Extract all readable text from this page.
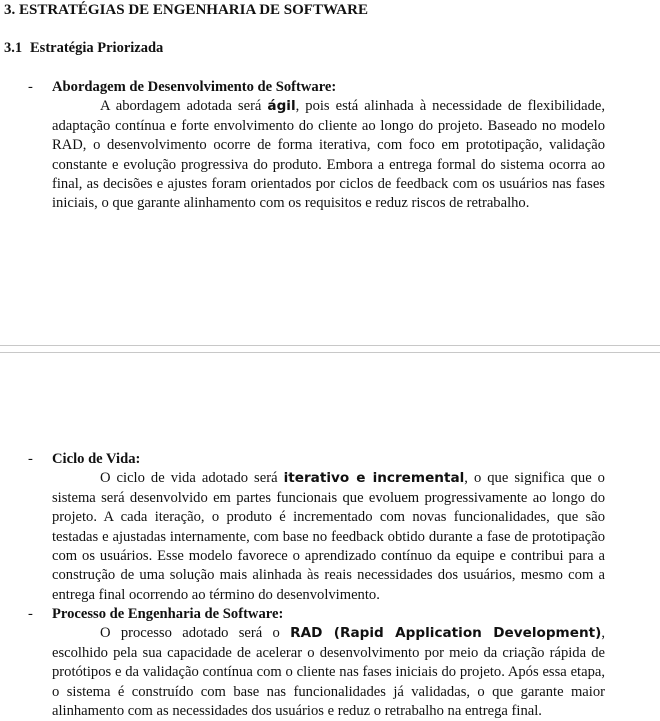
3. ESTRATÉGIAS DE ENGENHARIA DE SOFTWARE
3.1 Estratégia Priorizada
- Abordagem de Desenvolvimento de Software:
A abordagem adotada será ágil, pois está alinhada à necessidade de flexibilidade, adaptação contínua e forte envolvimento do cliente ao longo do projeto. Baseado no modelo RAD, o desenvolvimento ocorre de forma iterativa, com foco em prototipação, validação constante e evolução progressiva do produto. Embora a entrega formal do sistema ocorra ao final, as decisões e ajustes foram orientados por ciclos de feedback com os usuários nas fases iniciais, o que garante alinhamento com os requisitos e reduz riscos de retrabalho.
- Ciclo de Vida:
O ciclo de vida adotado será iterativo e incremental, o que significa que o sistema será desenvolvido em partes funcionais que evoluem progressivamente ao longo do projeto. A cada iteração, o produto é incrementado com novas funcionalidades, que são testadas e ajustadas internamente, com base no feedback obtido durante a fase de prototipação com os usuários. Esse modelo favorece o aprendizado contínuo da equipe e contribui para a construção de uma solução mais alinhada às reais necessidades dos usuários, mesmo com a entrega final ocorrendo ao término do desenvolvimento.
- Processo de Engenharia de Software:
O processo adotado será o RAD (Rapid Application Development), escolhido pela sua capacidade de acelerar o desenvolvimento por meio da criação rápida de protótipos e da validação contínua com o cliente nas fases iniciais do projeto. Após essa etapa, o sistema é construído com base nas funcionalidades já validadas, o que garante maior alinhamento com as necessidades dos usuários e reduz o retrabalho na entrega final.
